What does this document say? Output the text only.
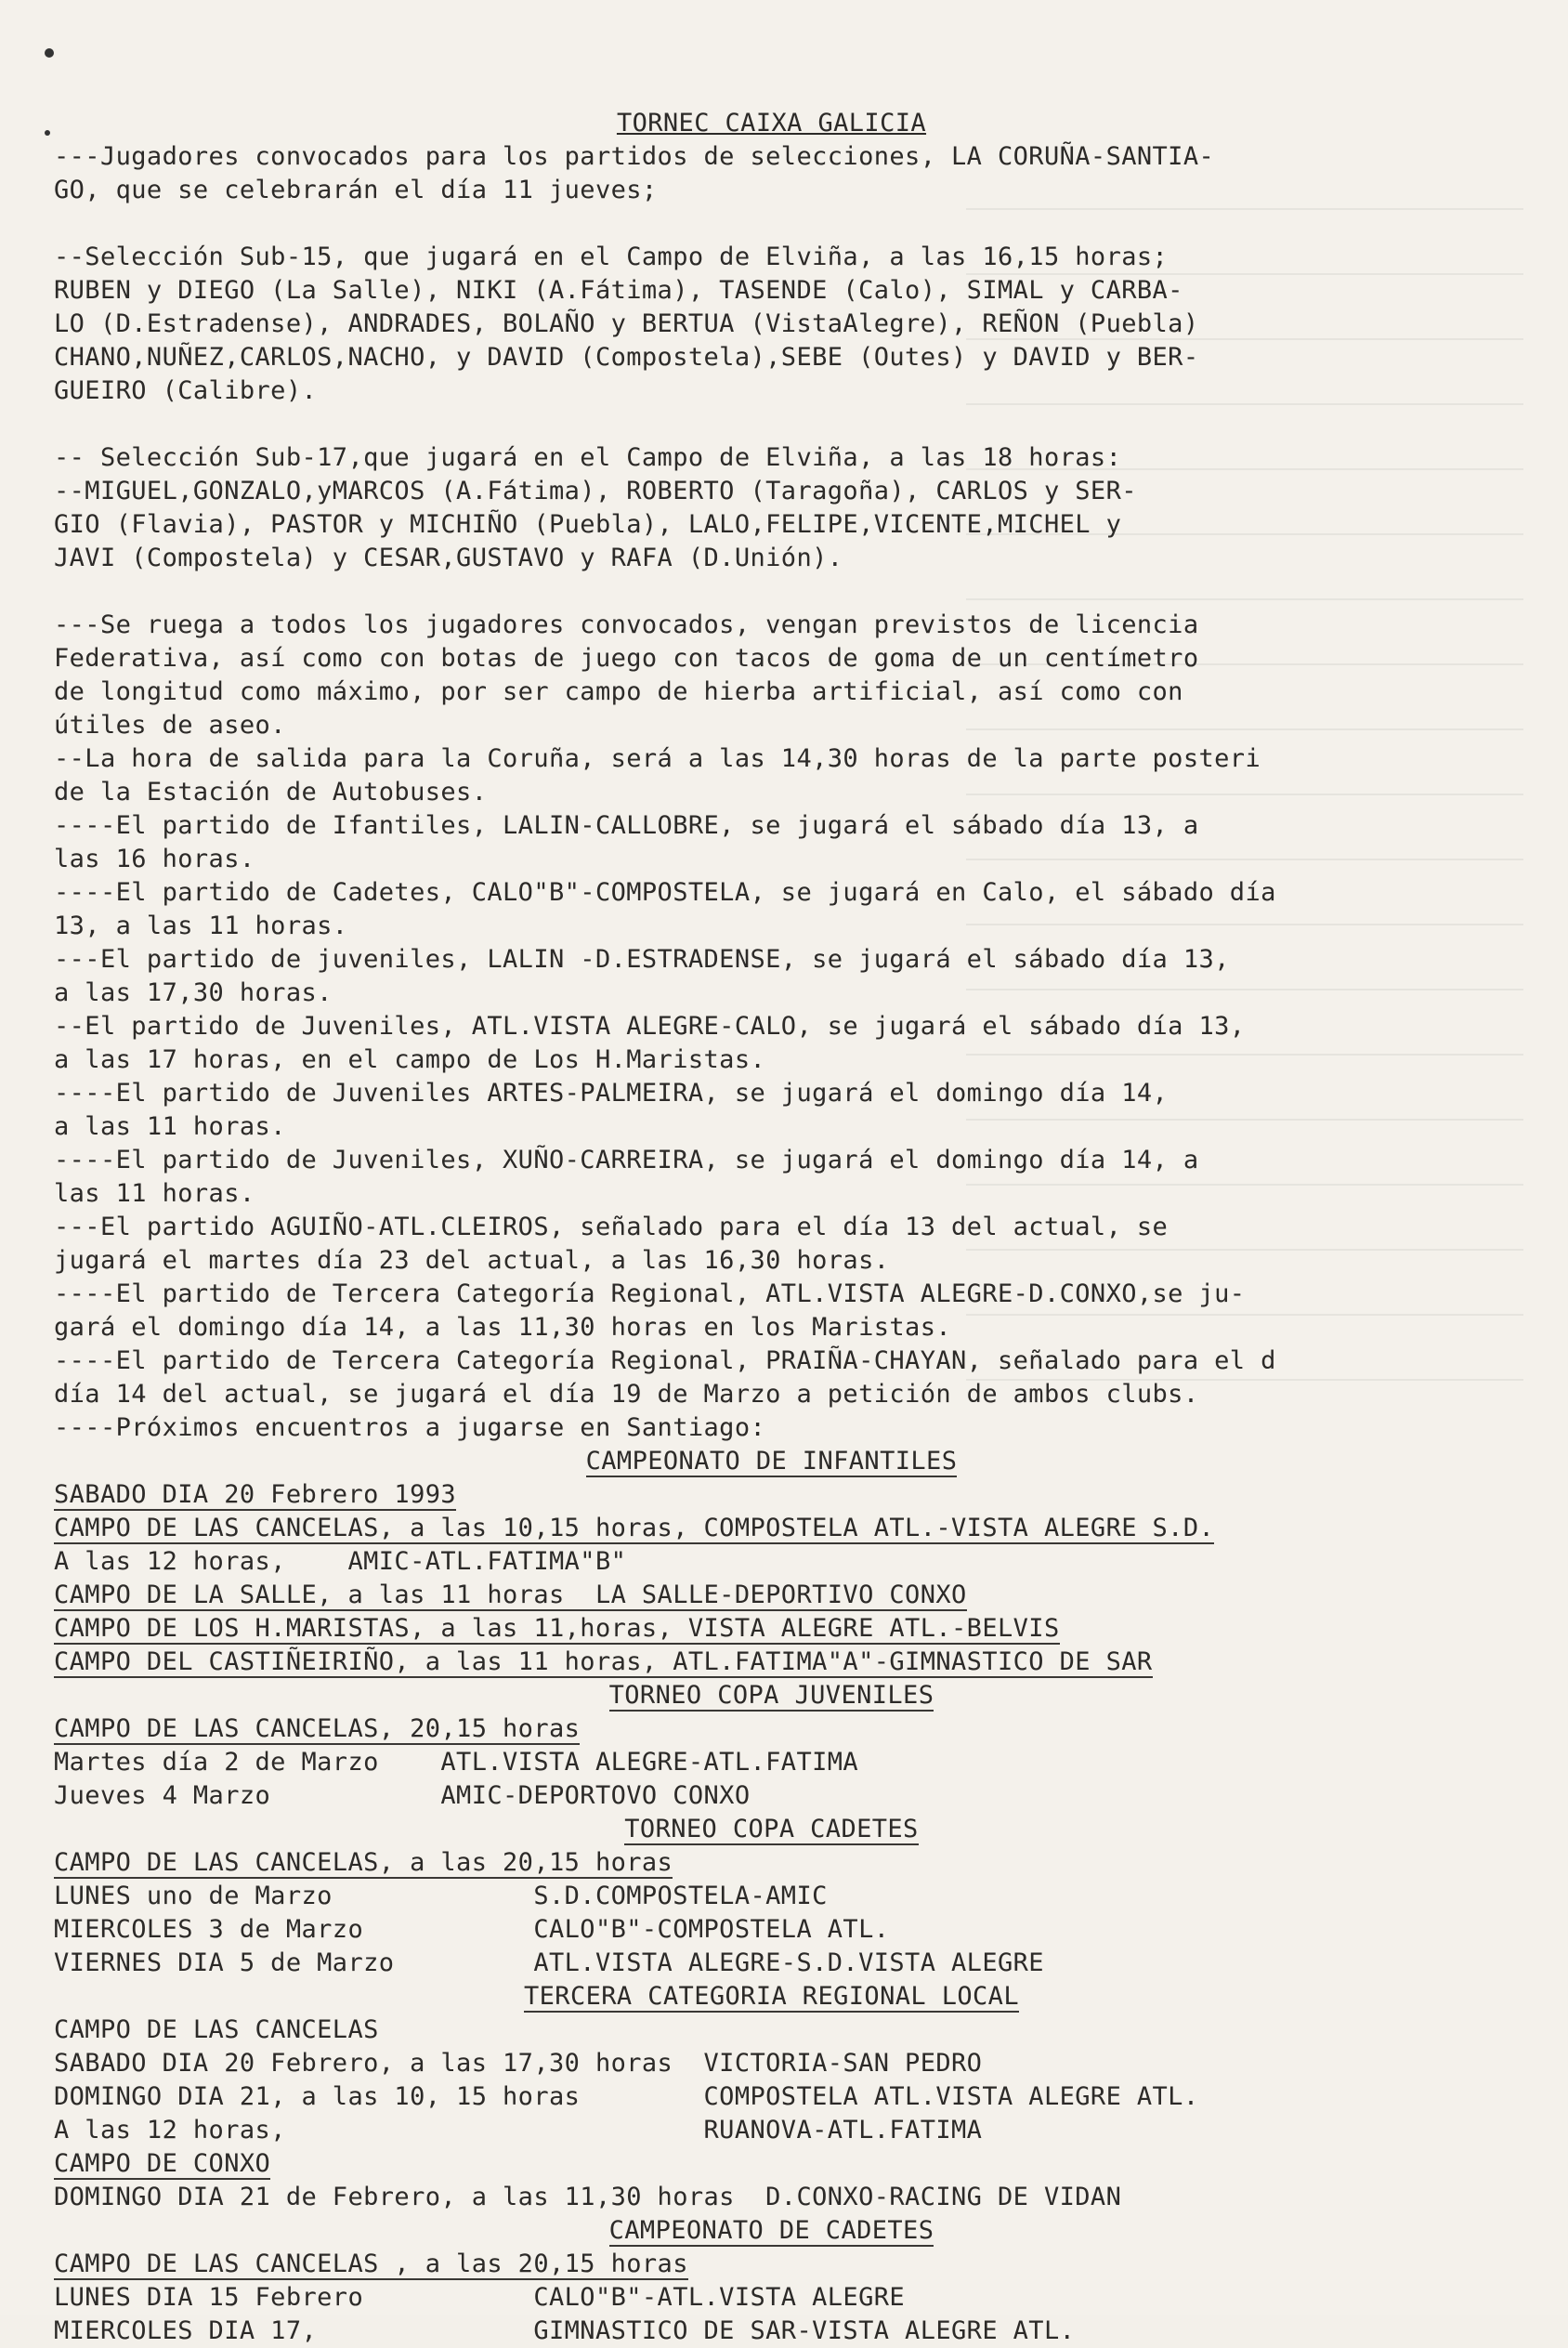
TORNEC CAIXA GALICIA
---Jugadores convocados para los partidos de selecciones, LA CORUÑA-SANTIA-
GO, que se celebrarán el día 11 jueves;
--Selección Sub-15, que jugará en el Campo de Elviña, a las 16,15 horas;
RUBEN y DIEGO (La Salle), NIKI (A.Fátima), TASENDE (Calo), SIMAL y CARBA-
LO (D.Estradense), ANDRADES, BOLAÑO y BERTUA (VistaAlegre), REÑON (Puebla)
CHANO,NUÑEZ,CARLOS,NACHO, y DAVID (Compostela),SEBE (Outes) y DAVID y BER-
GUEIRO (Calibre).
-- Selección Sub-17,que jugará en el Campo de Elviña, a las 18 horas:
--MIGUEL,GONZALO,yMARCOS (A.Fátima), ROBERTO (Taragoña), CARLOS y SER-
GIO (Flavia), PASTOR y MICHIÑO (Puebla), LALO,FELIPE,VICENTE,MICHEL y
JAVI (Compostela) y CESAR,GUSTAVO y RAFA (D.Unión).
---Se ruega a todos los jugadores convocados, vengan previstos de licencia
Federativa, así como con botas de juego con tacos de goma de un centímetro
de longitud como máximo, por ser campo de hierba artificial, así como con
útiles de aseo.
--La hora de salida para la Coruña, será a las 14,30 horas de la parte posteri
de la Estación de Autobuses.
----El partido de Ifantiles, LALIN-CALLOBRE, se jugará el sábado día 13, a
las 16 horas.
----El partido de Cadetes, CALO"B"-COMPOSTELA, se jugará en Calo, el sábado día
13, a las 11 horas.
---El partido de juveniles, LALIN -D.ESTRADENSE, se jugará el sábado día 13,
a las 17,30 horas.
--El partido de Juveniles, ATL.VISTA ALEGRE-CALO, se jugará el sábado día 13,
a las 17 horas, en el campo de Los H.Maristas.
----El partido de Juveniles ARTES-PALMEIRA, se jugará el domingo día 14,
a las 11 horas.
----El partido de Juveniles, XUÑO-CARREIRA, se jugará el domingo día 14, a
las 11 horas.
---El partido AGUIÑO-ATL.CLEIROS, señalado para el día 13 del actual, se
jugará el martes día 23 del actual, a las 16,30 horas.
----El partido de Tercera Categoría Regional, ATL.VISTA ALEGRE-D.CONXO,se ju-
gará el domingo día 14, a las 11,30 horas en los Maristas.
----El partido de Tercera Categoría Regional, PRAIÑA-CHAYAN, señalado para el d
día 14 del actual, se jugará el día 19 de Marzo a petición de ambos clubs.
----Próximos encuentros a jugarse en Santiago:
CAMPEONATO DE INFANTILES
SABADO DIA 20 Febrero 1993
CAMPO DE LAS CANCELAS, a las 10,15 horas, COMPOSTELA ATL.-VISTA ALEGRE S.D.
A las 12 horas,    AMIC-ATL.FATIMA"B"
CAMPO DE LA SALLE, a las 11 horas  LA SALLE-DEPORTIVO CONXO
CAMPO DE LOS H.MARISTAS, a las 11,horas, VISTA ALEGRE ATL.-BELVIS
CAMPO DEL CASTIÑEIRIÑO, a las 11 horas, ATL.FATIMA"A"-GIMNASTICO DE SAR
TORNEO COPA JUVENILES
CAMPO DE LAS CANCELAS, 20,15 horas
Martes día 2 de Marzo    ATL.VISTA ALEGRE-ATL.FATIMA
Jueves 4 Marzo           AMIC-DEPORTOVO CONXO
TORNEO COPA CADETES
CAMPO DE LAS CANCELAS, a las 20,15 horas
LUNES uno de Marzo             S.D.COMPOSTELA-AMIC
MIERCOLES 3 de Marzo           CALO"B"-COMPOSTELA ATL.
VIERNES DIA 5 de Marzo         ATL.VISTA ALEGRE-S.D.VISTA ALEGRE
TERCERA CATEGORIA REGIONAL LOCAL
CAMPO DE LAS CANCELAS
SABADO DIA 20 Febrero, a las 17,30 horas  VICTORIA-SAN PEDRO
DOMINGO DIA 21, a las 10, 15 horas        COMPOSTELA ATL.VISTA ALEGRE ATL.
A las 12 horas,                           RUANOVA-ATL.FATIMA
CAMPO DE CONXO
DOMINGO DIA 21 de Febrero, a las 11,30 horas  D.CONXO-RACING DE VIDAN
CAMPEONATO DE CADETES
CAMPO DE LAS CANCELAS , a las 20,15 horas
LUNES DIA 15 Febrero           CALO"B"-ATL.VISTA ALEGRE
MIERCOLES DIA 17,              GIMNASTICO DE SAR-VISTA ALEGRE ATL.
